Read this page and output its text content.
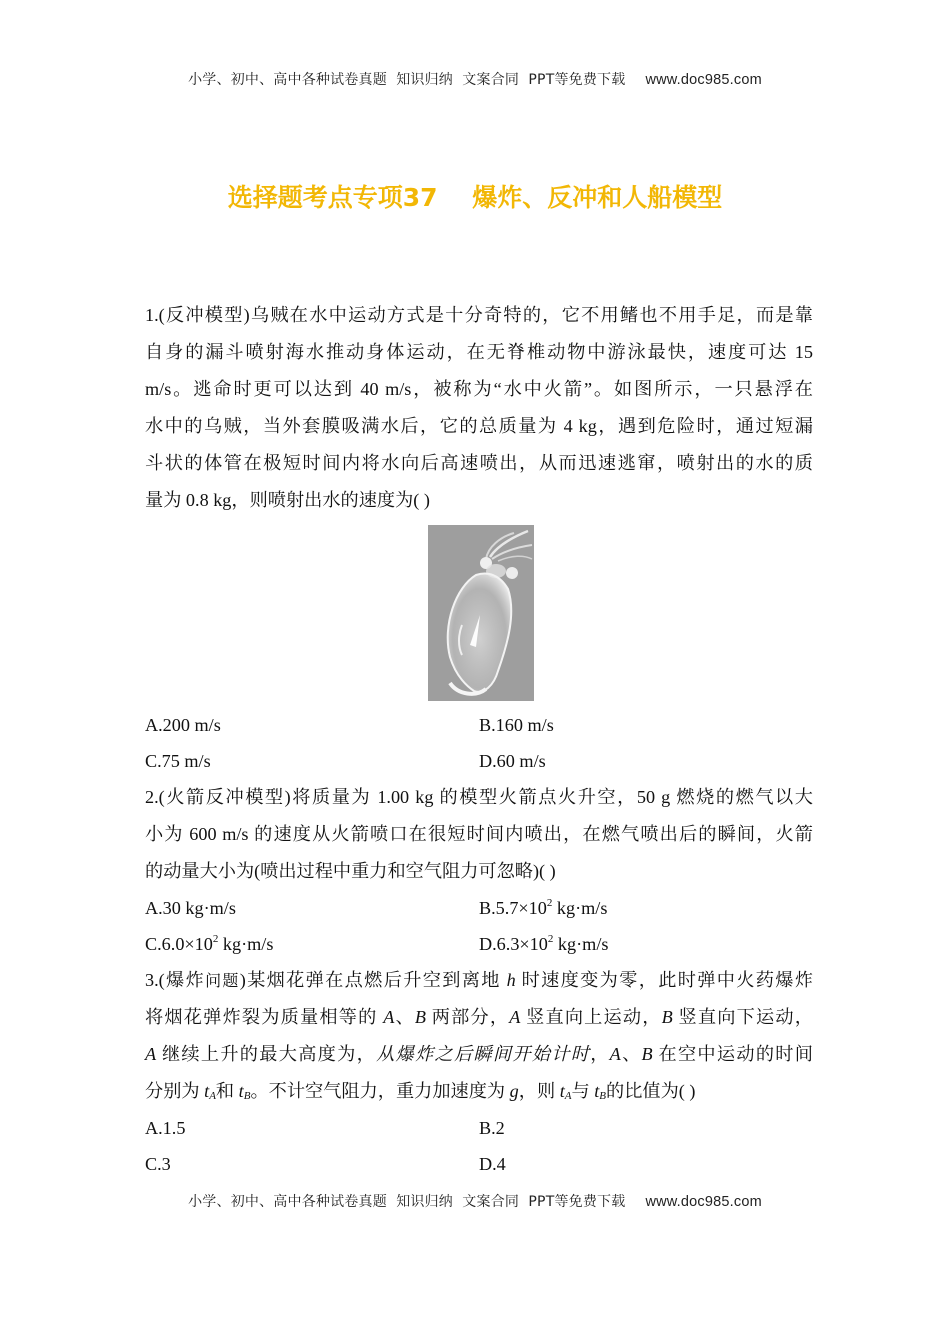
小学、初中、高中各种试卷真题  知识归纳  文案合同  PPT等免费下载 www.doc985.com
选择题考点专项37    爆炸、反冲和人船模型
1.(反冲模型)乌贼在水中运动方式是十分奇特的，它不用鳍也不用手足，而是靠
自身的漏斗喷射海水推动身体运动，在无脊椎动物中游泳最快，速度可达 15
m/s。逃命时更可以达到 40 m/s，被称为“水中火箭”。如图所示，一只悬浮在
水中的乌贼，当外套膜吸满水后，它的总质量为 4 kg，遇到危险时，通过短漏
斗状的体管在极短时间内将水向后高速喷出，从而迅速逃窜，喷射出的水的质
量为 0.8 kg，则喷射出水的速度为( )
A.200 m/s	B.160 m/s
C.75 m/s	D.60 m/s
2.(火箭反冲模型)将质量为 1.00 kg 的模型火箭点火升空，50 g 燃烧的燃气以大
小为 600 m/s 的速度从火箭喷口在很短时间内喷出，在燃气喷出后的瞬间，火箭
的动量大小为(喷出过程中重力和空气阻力可忽略)( )
A.30 kg·m/s	$B.5.7\times 10^2$ kg·m/s
$C.6.0\times 10^2$ kg·m/s	$D.6.3\times 10^2$ kg·m/s
3.(爆炸问题)某烟花弹在点燃后升空到离地 h 时速度变为零，此时弹中火药爆炸
将烟花弹炸裂为质量相等的 A、B 两部分，A 竖直向上运动，B 竖直向下运动，
A 继续上升的最大高度为，从爆炸之后瞬间开始计时，A、B 在空中运动的时间
分别为 tA和 tB。不计空气阻力，重力加速度为 g，则 tA与 tB的比值为( )
A.1.5	B.2
C.3	D.4
小学、初中、高中各种试卷真题  知识归纳  文案合同  PPT等免费下载 www.doc985.com
